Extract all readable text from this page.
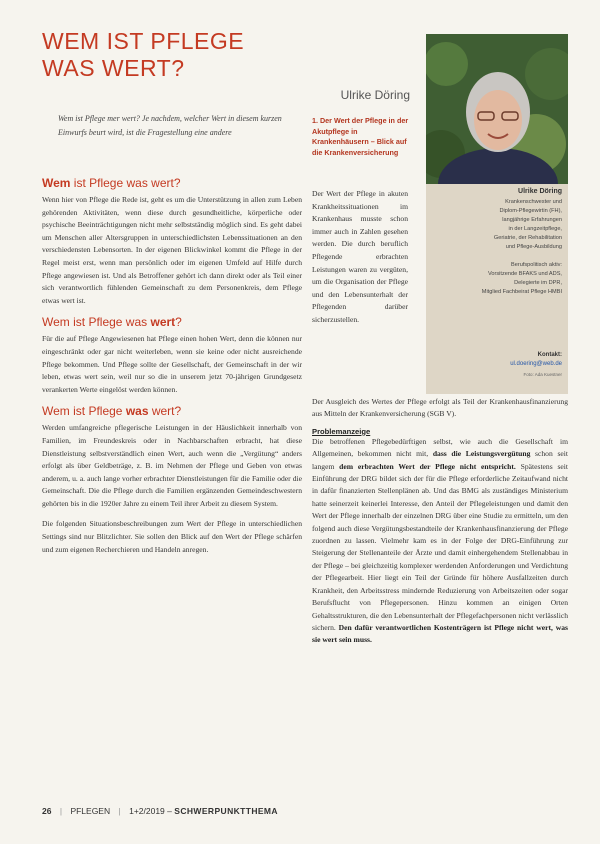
WEM IST PFLEGE
WAS WERT?
Ulrike Döring
Wem ist Pflege mer wert? Je nachdem, welcher Wert in diesem kurzen Einwurfs beurt wird, ist die Fragestellung eine andere
Wem ist Pflege was wert?

Wenn hier von Pflege die Rede ist, geht es um die Unterstützung in allen zum Leben gehörenden Aktivitäten, wenn diese durch gesundheitliche, körperliche oder psychische Beeinträchtigungen nicht mehr selbstständig möglich sind. Es geht dabei um Menschen aller Altersgruppen in unterschiedlichsten Lebenssituationen an den verschiedensten Lebensorten. In der eigenen Blickwinkel kommt die Pflege in der Regel meist erst, wenn man persönlich oder im eigenen Umfeld auf Hilfe durch Pflege angewiesen ist. Und als Betroffener gehört ich dann direkt oder als Teil einer sich verantwortlich fühlenden Gemeinschaft zu dem Personenkreis, dem Pflege etwas wert ist.

Wem ist Pflege was wert?

Für die auf Pflege Angewiesenen hat Pflege einen hohen Wert, denn die können nur eingeschränkt oder gar nicht weiterleben, wenn sie keine oder nicht ausreichende Pflege bekommen. Und Pflege sollte der Gesellschaft, der Gemeinschaft in der wir leben, etwas wert sein, weil nur so die in unserem jetzt 70-jährigen Grundgesetz verankerten Werte eingelöst werden können.

Wem ist Pflege was wert?

Werden umfangreiche pflegerische Leistungen in der Häuslichkeit innerhalb von Familien, im Freundeskreis oder in Nachbarschaften erbracht, hat diese Dienstleistung selbstverständlich einen Wert, auch wenn die „Vergütung“ anders erfolgt als über Geldbeträge, z. B. im Nehmen der Pflege und Geben von etwas anderem, u. a. auch lange vorher erbrachter Dienstleistungen für die Familie oder die Gemeinschaft. Die die Pflege durch die Familien ergänzenden Gemeindeschwestern gehörten bis in die 1920er Jahre zu einem Teil ihrer Arbeit zu diesem System.

Die folgenden Situationsbeschreibungen zum Wert der Pflege in unterschiedlichen Settings sind nur Blitzlichter. Sie sollen den Blick auf den Wert der Pflege schärfen und zum eigenen Recherchieren und Handeln anregen.

1. Der Wert der Pflege in der Akutpflege in Krankenhäusern – Blick auf die Krankenversicherung
Der Wert der Pflege in akuten Krankheitssituationen im Krankenhaus musste schon immer auch in Zahlen gesehen werden. Die durch beruflich Pflegende erbrachten Leistungen waren zu vergüten, um die Organisation der Pflege und den Lebensunterhalt der Pflegenden darüber sicherzustellen.
Ulrike Döring
Krankenschwester und
Diplom-Pflegewirtin (FH),
langjährige Erfahrungen
in der Langzeitpflege,
Geriatrie, der Rehabilitation
und Pflege-Ausbildung
Berufspolitisch aktiv:
Vorsitzende BFAKS und ADS,
Delegierte im DPR,
Mitglied Fachbeirat Pflege HMBI
Kontakt:
ul.doering@web.de
Foto: Ada Kuestner

Der Ausgleich des Wertes der Pflege erfolgt als Teil der Krankenhausfinanzierung aus Mitteln der Krankenversicherung (SGB V).

Problemanzeige

Die betroffenen Pflegebedürftigen selbst, wie auch die Gesellschaft im Allgemeinen, bekommen nicht mit, dass die Leistungsvergütung schon seit langem dem erbrachten Wert der Pflege nicht entspricht. Spätestens seit Einführung der DRG bildet sich der für die Pflege erforderliche Zeitaufwand nicht in dafür finanzierten Stellenplänen ab. Und das BMG als zuständiges Ministerium hatte seinerzeit keinerlei Interesse, den Anteil der Pflegeleistungen und damit den Wert der Pflege innerhalb der einzelnen DRG über eine Studie zu ermitteln, um den folgend auch diese Vergütungsbestandteile der Krankenhausfinanzierung der Pflege zuordnen zu lassen. Vielmehr kam es in der Folge der DRG-Einführung zur Steigerung der Stellenanteile der Ärzte und damit einhergehendem Stellenabbau in der Pflege – bei gleichzeitig komplexer werdenden Anforderungen und Verdichtung der Pflegearbeit. Hier liegt ein Teil der Gründe für höhere Ausfallzeiten durch Krankheit, den Arbeitsstress mindernde Reduzierung von Arbeitszeiten oder sogar Berufsflucht von Pflegepersonen. Hinzu kommen an einigen Orten Gehaltsstrukturen, die den Lebensunterhalt der Pflegefachpersonen nicht verlässlich sichern. Den dafür verantwortlichen Kostenträgern ist Pflege nicht wert, was sie wert sein muss.

26 | PFLEGEN | 1+2/2019 – SCHWERPUNKTTHEMA
